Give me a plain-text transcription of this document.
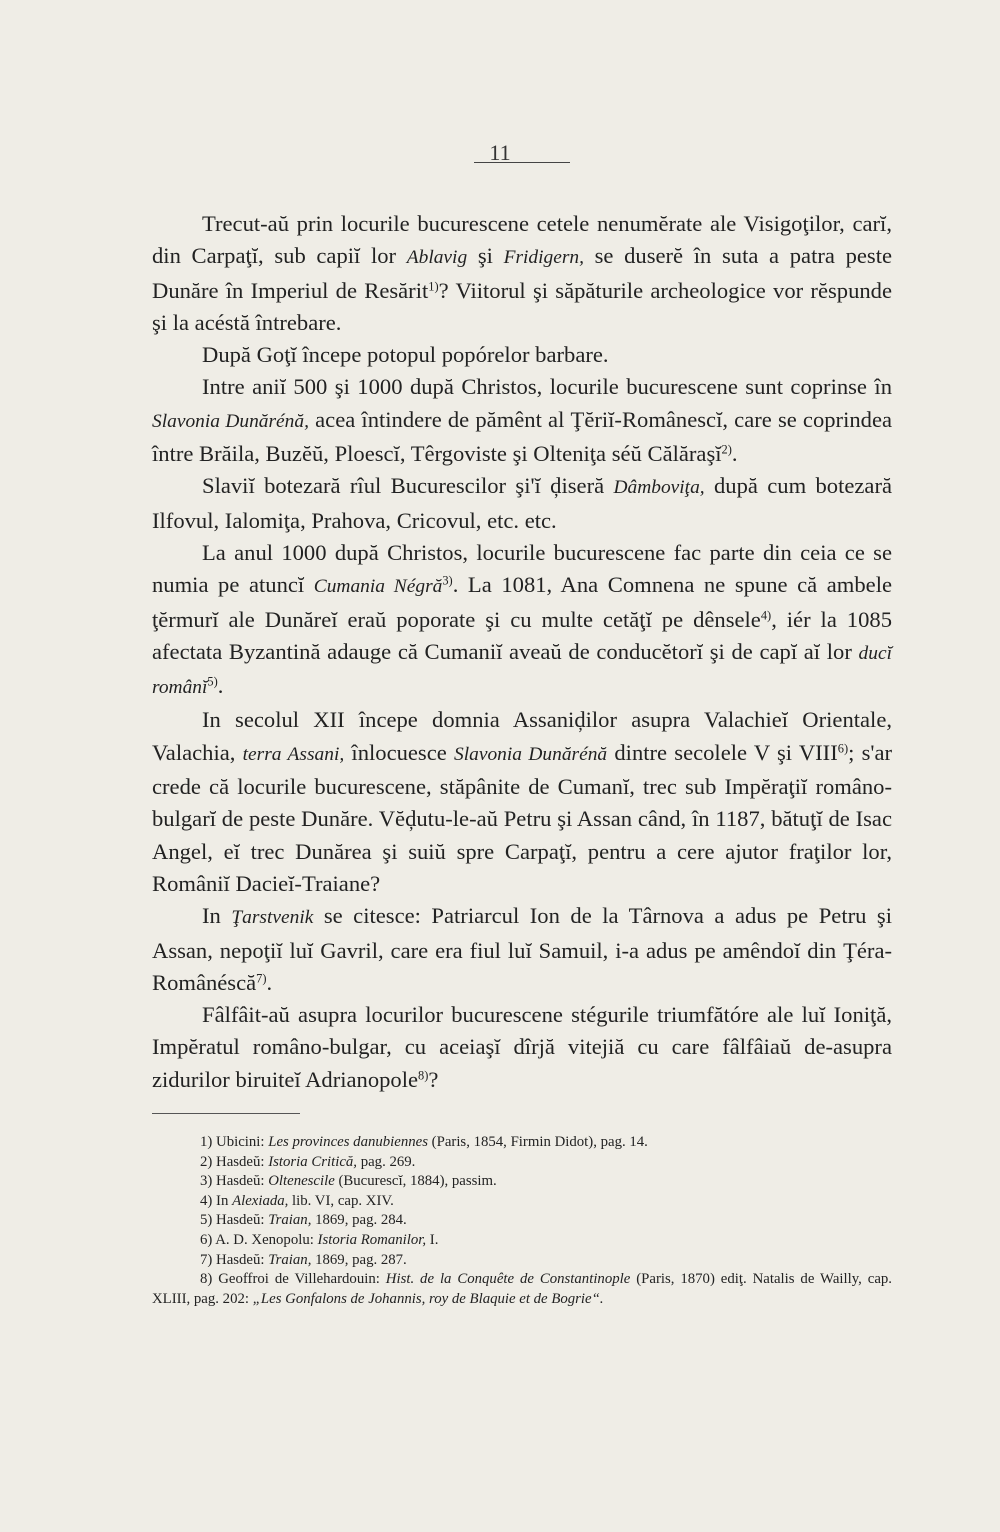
11

Trecut-aŭ prin locurile bucurescene cetele nenumĕrate ale Visigoţilor, carĭ, din Carpaţĭ, sub capiĭ lor Ablavig şi Fridigern, se duserĕ în suta a patra peste Dunăre în Imperiul de Resărit$^{1)}$? Viitorul şi săpăturile archeologice vor rĕspunde şi la acéstă întrebare.

După Goţĭ începe potopul popórelor barbare.

Intre aniĭ 500 şi 1000 după Christos, locurile bucurescene sunt coprinse în Slavonia Dunărénă, acea întindere de pămênt al Ţĕriĭ-Românescĭ, care se coprindea între Brăila, Buzĕŭ, Ploescĭ, Têrgoviste şi Olteniţa séŭ Călăraşĭ$^{2)}$.

Slaviĭ botezară rîul Bucurescilor şi'ĭ ḑiseră Dâmboviţa, după cum botezară Ilfovul, Ialomiţa, Prahova, Cricovul, etc. etc.

La anul 1000 după Christos, locurile bucurescene fac parte din ceia ce se numia pe atuncĭ Cumania Négră$^{3)}$. La 1081, Ana Comnena ne spune că ambele ţĕrmurĭ ale Dunăreĭ eraŭ poporate şi cu multe cetăţĭ pe dênsele$^{4)}$, iér la 1085 afectata Byzantină adauge că Cumaniĭ aveaŭ de conducĕtorĭ şi de capĭ aĭ lor ducĭ românĭ$^{5)}$.

In secolul XII începe domnia Assaniḑilor asupra Valachieĭ Orientale, Valachia, terra Assani, înlocuesce Slavonia Dunărénă dintre secolele V şi VIII$^{6)}$; s'ar crede că locurile bucurescene, stăpânite de Cumanĭ, trec sub Impĕraţiĭ româno-bulgarĭ de peste Dunăre. Vĕḑutu-le-aŭ Petru şi Assan când, în 1187, bătuţĭ de Isac Angel, eĭ trec Dunărea şi suiŭ spre Carpaţĭ, pentru a cere ajutor fraţilor lor, Româniĭ Dacieĭ-Traiane?

In Ţarstvenik se citesce: Patriarcul Ion de la Târnova a adus pe Petru şi Assan, nepoţiĭ luĭ Gavril, care era fiul luĭ Samuil, i-a adus pe amêndoĭ din Ţéra-Românéscă$^{7)}$.

Fâlfâit-aŭ asupra locurilor bucurescene stégurile triumfătóre ale luĭ Ioniţă, Impĕratul româno-bulgar, cu aceiaşĭ dîrjă vitejiă cu care fâlfâiaŭ de-asupra zidurilor biruiteĭ Adrianopole$^{8)}$?

1) Ubicini: Les provinces danubiennes (Paris, 1854, Firmin Didot), pag. 14.

2) Hasdeŭ: Istoria Critică, pag. 269.

3) Hasdeŭ: Oltenescile (Bucurescĭ, 1884), passim.

4) In Alexiada, lib. VI, cap. XIV.

5) Hasdeŭ: Traian, 1869, pag. 284.

6) A. D. Xenopolu: Istoria Romanilor, I.

7) Hasdeŭ: Traian, 1869, pag. 287.

8) Geoffroi de Villehardouin: Hist. de la Conquête de Constantinople (Paris, 1870) ediţ. Natalis de Wailly, cap. XLIII, pag. 202: „Les Gonfalons de Johannis, roy de Blaquie et de Bogrie“.
